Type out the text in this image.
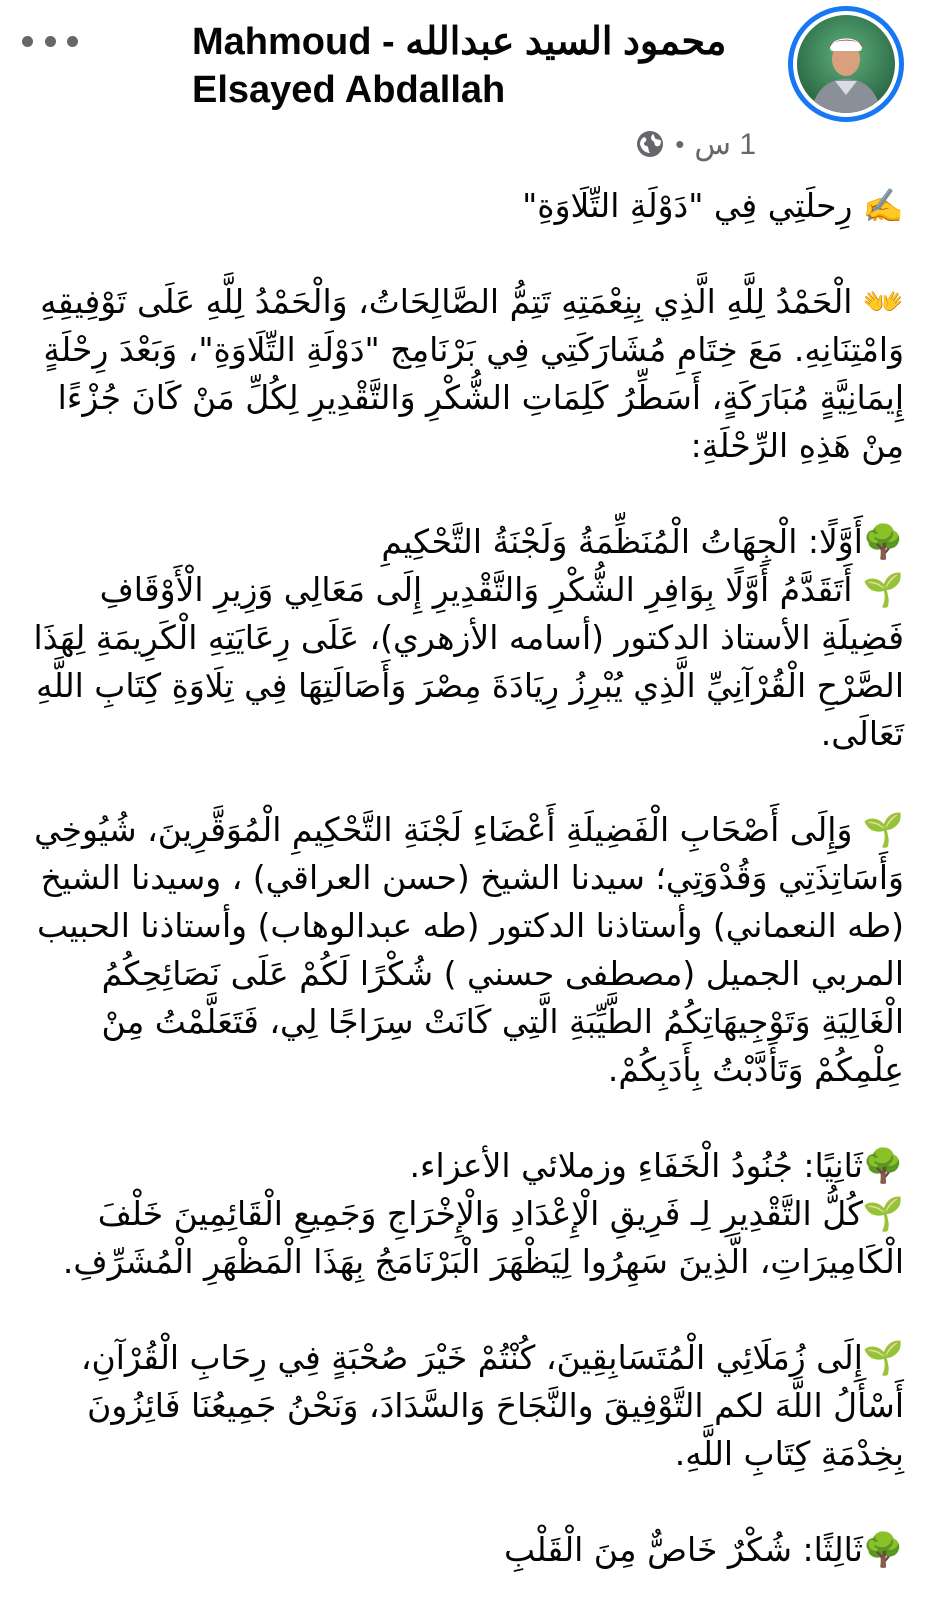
Mahmoud - محمود السيد عبدالله Elsayed Abdallah
1 س
•

✍️ رِحلَتِي فِي "دَوْلَةِ التِّلَاوَةِ"

👐 الْحَمْدُ لِلَّهِ الَّذِي بِنِعْمَتِهِ تَتِمُّ الصَّالِحَاتُ، وَالْحَمْدُ لِلَّهِ عَلَى تَوْفِيقِهِ وَامْتِنَانِهِ. مَعَ خِتَامِ مُشَارَكَتِي فِي بَرْنَامِج "دَوْلَةِ التِّلَاوَةِ"، وَبَعْدَ رِحْلَةٍ إِيمَانِيَّةٍ مُبَارَكَةٍ، أَسَطِّرُ كَلِمَاتِ الشُّكْرِ وَالتَّقْدِيرِ لِكُلِّ مَنْ كَانَ جُزْءًا مِنْ هَذِهِ الرِّحْلَةِ:

🌳أَوَّلًا: الْجِهَاتُ الْمُنَظِّمَةُ وَلَجْنَةُ التَّحْكِيمِ

🌱 أَتَقَدَّمُ أَوَّلًا بِوَافِرِ الشُّكْرِ وَالتَّقْدِيرِ إِلَى مَعَالِي وَزِيرِ الْأَوْقَافِ فَضِيلَةِ الأستاذ الدكتور (أسامه الأزهري)، عَلَى رِعَايَتِهِ الْكَرِيمَةِ لِهَذَا الصَّرْحِ الْقُرْآنِيِّ الَّذِي يُبْرِزُ رِيَادَةَ مِصْرَ وَأَصَالَتِهَا فِي تِلَاوَةِ كِتَابِ اللَّهِ تَعَالَى.

🌱 وَإِلَى أَصْحَابِ الْفَضِيلَةِ أَعْضَاءِ لَجْنَةِ التَّحْكِيمِ الْمُوَقَّرِينَ، شُيُوخِي وَأَسَاتِذَتِي وَقُدْوَتِي؛ سيدنا الشيخ (حسن العراقي) ، وسيدنا الشيخ (طه النعماني) وأستاذنا الدكتور (طه عبدالوهاب) وأستاذنا الحبيب المربي الجميل (مصطفى حسني ) شُكْرًا لَكُمْ عَلَى نَصَائِحِكُمُ الْغَالِيَةِ وَتَوْجِيهَاتِكُمُ الطَّيِّبَةِ الَّتِي كَانَتْ سِرَاجًا لِي، فَتَعَلَّمْتُ مِنْ عِلْمِكُمْ وَتَأَدَّبْتُ بِأَدَبِكُمْ.

🌳ثَانِيًا: جُنُودُ الْخَفَاءِ وزملائي الأعزاء.

🌱كُلُّ التَّقْدِيرِ لِـ فَرِيقِ الْإِعْدَادِ وَالْإِخْرَاجِ وَجَمِيعِ الْقَائِمِينَ خَلْفَ الْكَامِيرَاتِ، الَّذِينَ سَهِرُوا لِيَظْهَرَ الْبَرْنَامَجُ بِهَذَا الْمَظْهَرِ الْمُشَرِّفِ.

🌱إِلَى زُمَلَائِي الْمُتَسَابِقِينَ، كُنْتُمْ خَيْرَ صُحْبَةٍ فِي رِحَابِ الْقُرْآنِ، أَسْأَلُ اللَّهَ لكم التَّوْفِيقَ والنَّجَاحَ وَالسَّدَادَ، وَنَحْنُ جَمِيعُنَا فَائِزُونَ بِخِدْمَةِ كِتَابِ اللَّهِ.

🌳ثَالِثًا: شُكْرٌ خَاصٌّ مِنَ الْقَلْبِ
